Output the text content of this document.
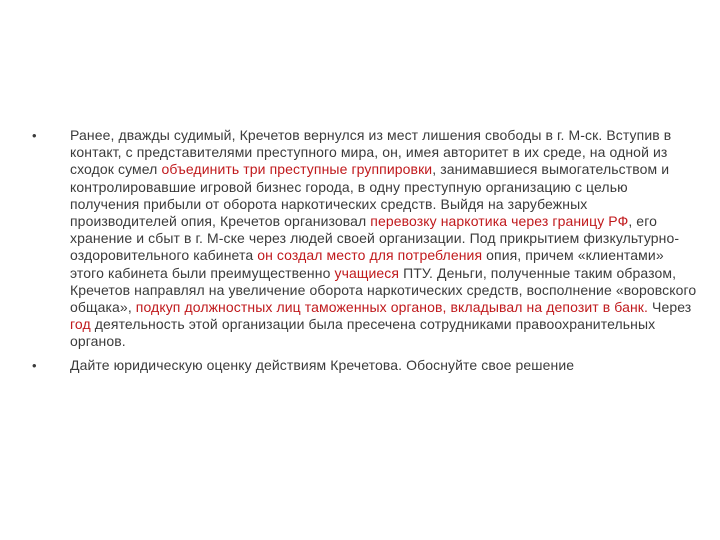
• Ранее, дважды судимый, Кречетов вернулся из мест лишения свободы в г. М-ск. Вступив в контакт, с представителями преступного мира, он, имея авторитет в их среде, на одной из сходок сумел объединить три преступные группировки, занимавшиеся вымогательством и контролировавшие игровой бизнес города, в одну преступную организацию с целью получения прибыли от оборота наркотических средств. Выйдя на зарубежных производителей опия, Кречетов организовал перевозку наркотика через границу РФ, его хранение и сбыт в г. М-ске через людей своей организации. Под прикрытием физкультурно-оздоровительного кабинета он создал место для потребления опия, причем «клиентами» этого кабинета были преимущественно учащиеся ПТУ. Деньги, полученные таким образом, Кречетов направлял на увеличение оборота наркотических средств, восполнение «воровского общака», подкуп должностных лиц таможенных органов, вкладывал на депозит в банк. Через год деятельность этой организации была пресечена сотрудниками правоохранительных органов.
• Дайте юридическую оценку действиям Кречетова. Обоснуйте свое решение
